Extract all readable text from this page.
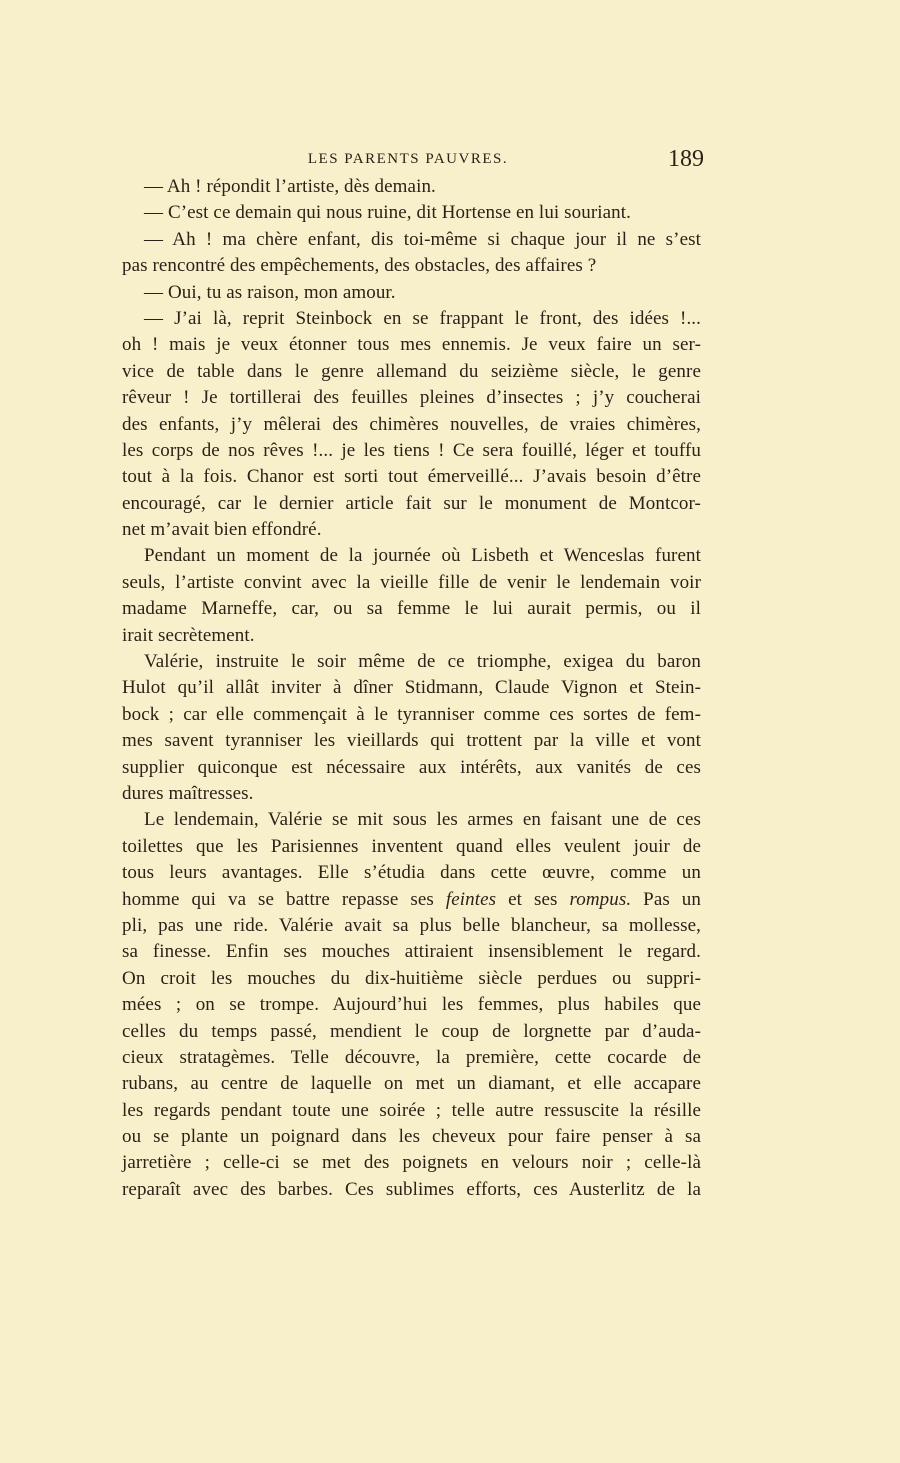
LES PARENTS PAUVRES.	189
— Ah ! répondit l’artiste, dès demain.
— C’est ce demain qui nous ruine, dit Hortense en lui souriant.
— Ah ! ma chère enfant, dis toi-même si chaque jour il ne s’est
pas rencontré des empêchements, des obstacles, des affaires ?
— Oui, tu as raison, mon amour.
— J’ai là, reprit Steinbock en se frappant le front, des idées !...
oh ! mais je veux étonner tous mes ennemis. Je veux faire un ser-
vice de table dans le genre allemand du seizième siècle, le genre
rêveur ! Je tortillerai des feuilles pleines d’insectes ; j’y coucherai
des enfants, j’y mêlerai des chimères nouvelles, de vraies chimères,
les corps de nos rêves !... je les tiens ! Ce sera fouillé, léger et touffu
tout à la fois. Chanor est sorti tout émerveillé... J’avais besoin d’être
encouragé, car le dernier article fait sur le monument de Montcor-
net m’avait bien effondré.
Pendant un moment de la journée où Lisbeth et Wenceslas furent
seuls, l’artiste convint avec la vieille fille de venir le lendemain voir
madame Marneffe, car, ou sa femme le lui aurait permis, ou il
irait secrètement.
Valérie, instruite le soir même de ce triomphe, exigea du baron
Hulot qu’il allât inviter à dîner Stidmann, Claude Vignon et Stein-
bock ; car elle commençait à le tyranniser comme ces sortes de fem-
mes savent tyranniser les vieillards qui trottent par la ville et vont
supplier quiconque est nécessaire aux intérêts, aux vanités de ces
dures maîtresses.
Le lendemain, Valérie se mit sous les armes en faisant une de ces
toilettes que les Parisiennes inventent quand elles veulent jouir de
tous leurs avantages. Elle s’étudia dans cette œuvre, comme un
homme qui va se battre repasse ses feintes et ses rompus. Pas un
pli, pas une ride. Valérie avait sa plus belle blancheur, sa mollesse,
sa finesse. Enfin ses mouches attiraient insensiblement le regard.
On croit les mouches du dix-huitième siècle perdues ou suppri-
mées ; on se trompe. Aujourd’hui les femmes, plus habiles que
celles du temps passé, mendient le coup de lorgnette par d’auda-
cieux stratagèmes. Telle découvre, la première, cette cocarde de
rubans, au centre de laquelle on met un diamant, et elle accapare
les regards pendant toute une soirée ; telle autre ressuscite la résille
ou se plante un poignard dans les cheveux pour faire penser à sa
jarretière ; celle-ci se met des poignets en velours noir ; celle-là
reparaît avec des barbes. Ces sublimes efforts, ces Austerlitz de la
